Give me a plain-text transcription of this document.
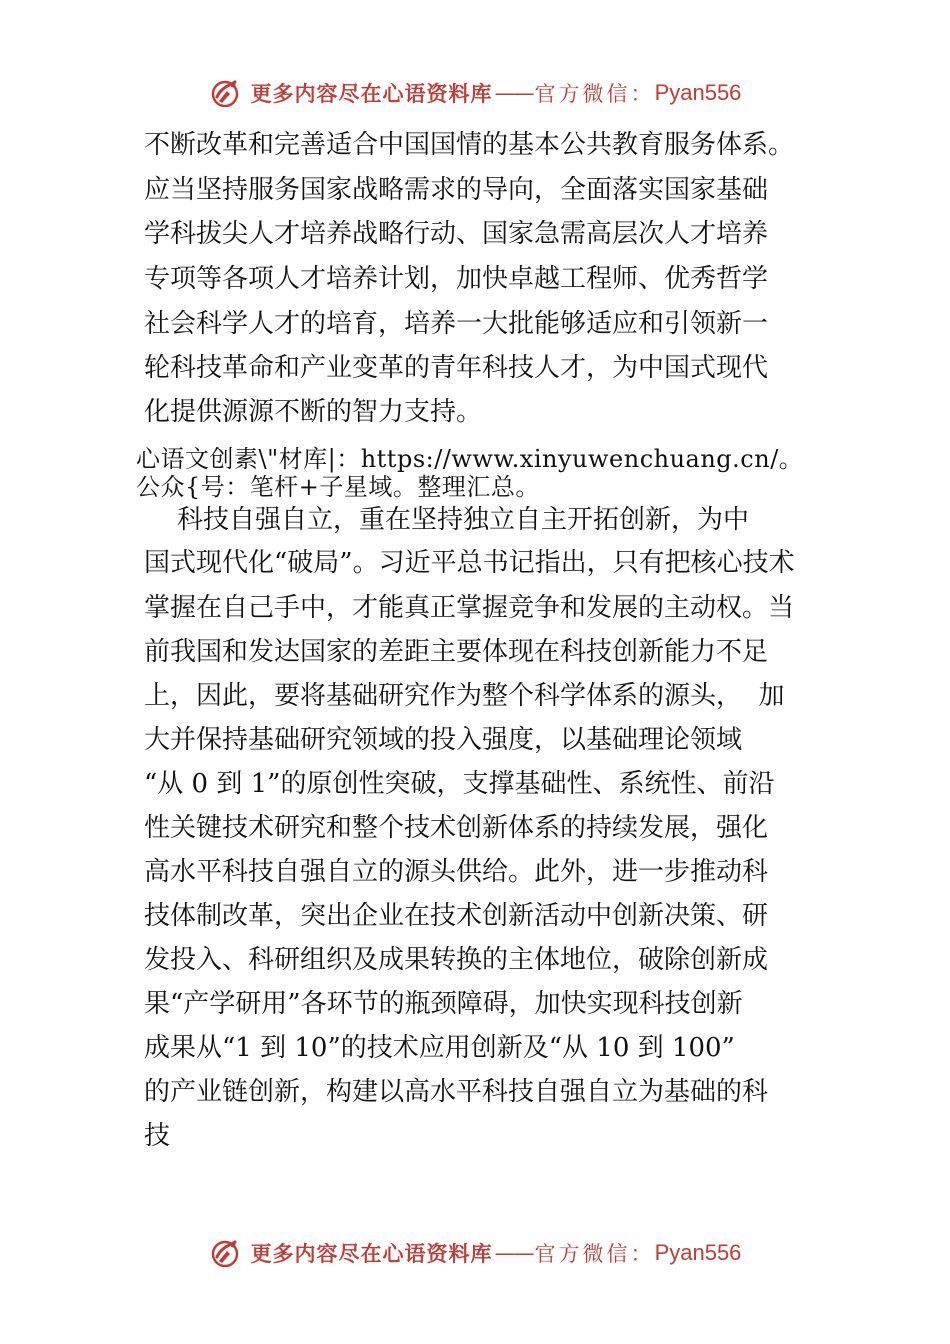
更多内容尽在心语资料库 —— 官方微信： Pyan556
不断改革和完善适合中国国情的基本公共教育服务体系。
应当坚持服务国家战略需求的导向，全面落实国家基础
学科拔尖人才培养战略行动、国家急需高层次人才培养
专项等各项人才培养计划，加快卓越工程师、优秀哲学
社会科学人才的培育，培养一大批能够适应和引领新一
轮科技革命和产业变革的青年科技人才，为中国式现代
化提供源源不断的智力支持。
心语文创素\"材库|：https://www.xinyuwenchuang.cn/。
公众{号：笔杆+子星域。整理汇总。
科技自强自立，重在坚持独立自主开拓创新，为中
国式现代化“破局”。习近平总书记指出，只有把核心技术
掌握在自己手中，才能真正掌握竞争和发展的主动权。当
前我国和发达国家的差距主要体现在科技创新能力不足
上，因此，要将基础研究作为整个科学体系的源头，  加
大并保持基础研究领域的投入强度，以基础理论领域
“从 0 到 1”的原创性突破，支撑基础性、系统性、前沿
性关键技术研究和整个技术创新体系的持续发展，强化
高水平科技自强自立的源头供给。此外，进一步推动科
技体制改革，突出企业在技术创新活动中创新决策、研
发投入、科研组织及成果转换的主体地位，破除创新成
果“产学研用”各环节的瓶颈障碍，加快实现科技创新
成果从“1 到 10”的技术应用创新及“从 10 到 100”
的产业链创新，构建以高水平科技自强自立为基础的科
技
更多内容尽在心语资料库 —— 官方微信： Pyan556
